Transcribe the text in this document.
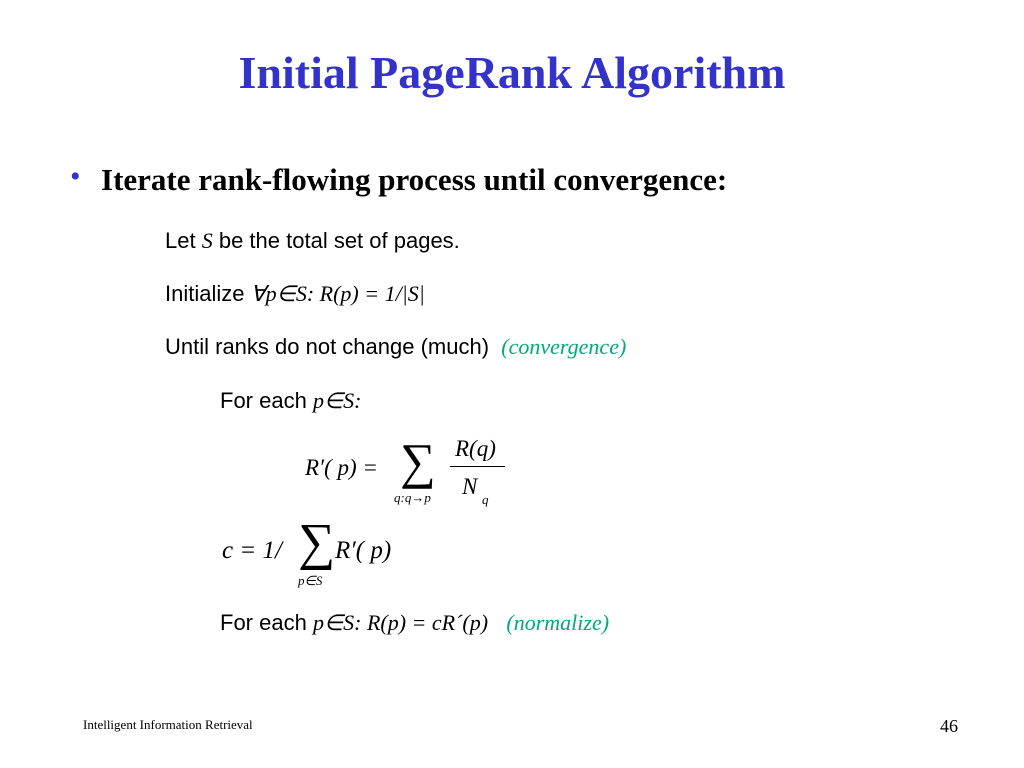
Initial PageRank Algorithm
• Iterate rank-flowing process until convergence:
Let S be the total set of pages.
Initialize ∀p∈S: R(p) = 1/|S|
Until ranks do not change (much) (convergence)
For each p∈S:
R′( p) = ∑
q:q→p
R(q)
N
q
c = 1/ ∑ R′( p)
p∈S
For each p∈S: R(p) = cR´(p) (normalize)
Intelligent Information Retrieval	46
